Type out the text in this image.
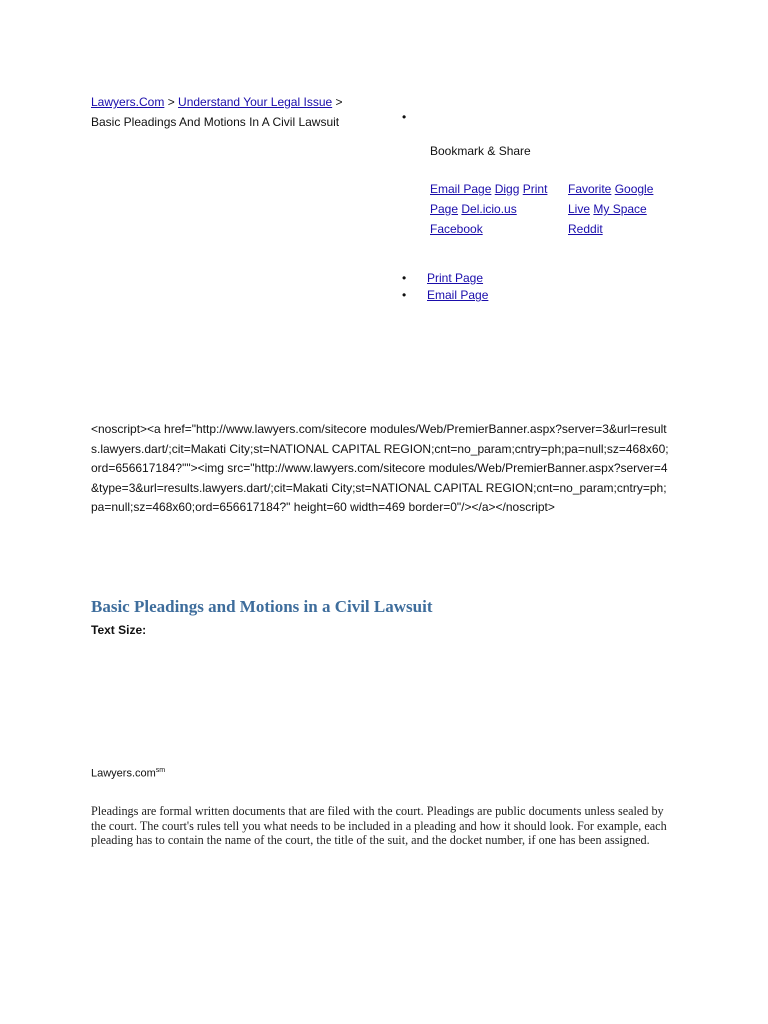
Lawyers.Com > Understand Your Legal Issue > Basic Pleadings And Motions In A Civil Lawsuit	•
Bookmark & Share
Email Page Digg Print Page Del.icio.us Facebook
Favorite Google Live My Space Reddit
• Print Page
• Email Page
<noscript><a href="http://www.lawyers.com/sitecore modules/Web/PremierBanner.aspx?server=3&url=results.lawyers.dart/;cit=Makati City;st=NATIONAL CAPITAL REGION;cnt=no_param;cntry=ph;pa=null;sz=468x60;ord=656617184?""><img src="http://www.lawyers.com/sitecore modules/Web/PremierBanner.aspx?server=4&type=3&url=results.lawyers.dart/;cit=Makati City;st=NATIONAL CAPITAL REGION;cnt=no_param;cntry=ph;pa=null;sz=468x60;ord=656617184?" height=60 width=469 border=0"/></a></noscript>
Basic Pleadings and Motions in a Civil Lawsuit
Text Size:
Lawyers.com$^{sm}$

Pleadings are formal written documents that are filed with the court. Pleadings are public documents unless sealed by the court. The court's rules tell you what needs to be included in a pleading and how it should look. For example, each pleading has to contain the name of the court, the title of the suit, and the docket number, if one has been assigned.
